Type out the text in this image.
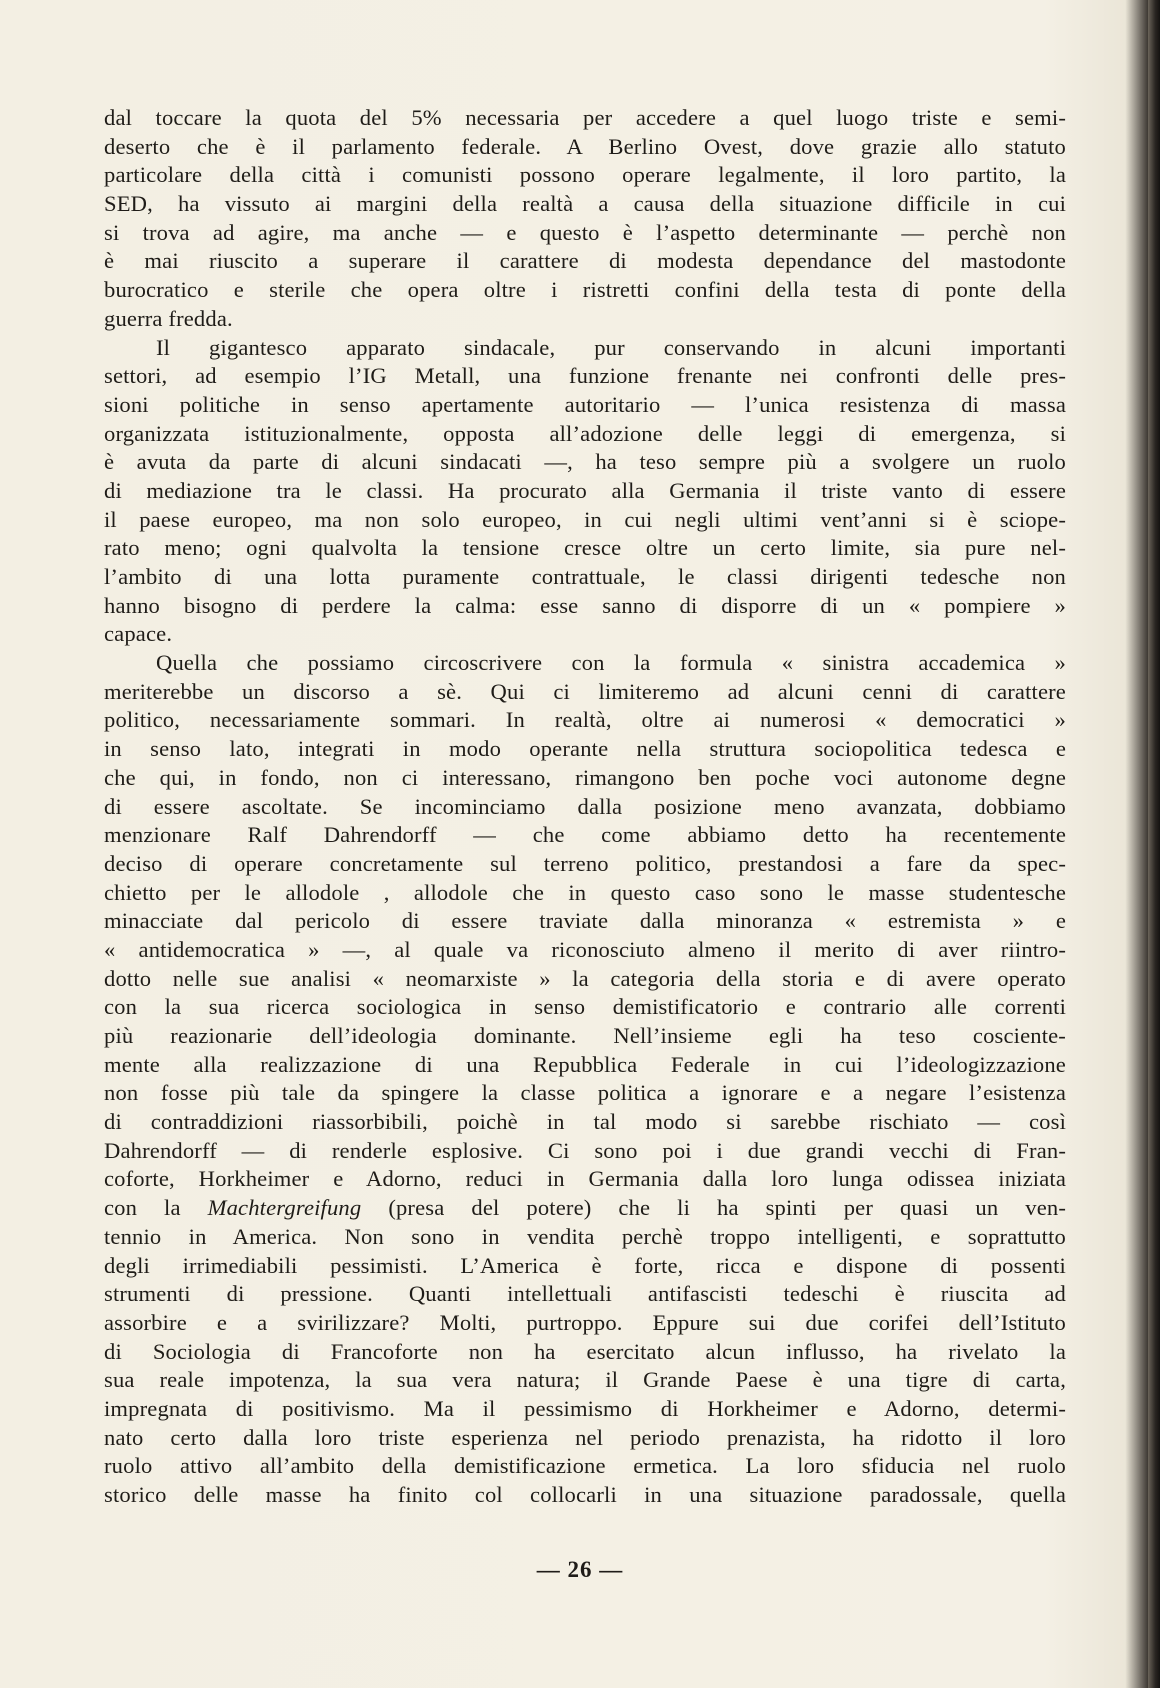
dal toccare la quota del 5% necessaria per accedere a quel luogo triste e semi-
deserto che è il parlamento federale. A Berlino Ovest, dove grazie allo statuto
particolare della città i comunisti possono operare legalmente, il loro partito, la
SED, ha vissuto ai margini della realtà a causa della situazione difficile in cui
si trova ad agire, ma anche — e questo è l’aspetto determinante — perchè non
è mai riuscito a superare il carattere di modesta dependance del mastodonte
burocratico e sterile che opera oltre i ristretti confini della testa di ponte della
guerra fredda.
Il gigantesco apparato sindacale, pur conservando in alcuni importanti
settori, ad esempio l’IG Metall, una funzione frenante nei confronti delle pres-
sioni politiche in senso apertamente autoritario — l’unica resistenza di massa
organizzata istituzionalmente, opposta all’adozione delle leggi di emergenza, si
è avuta da parte di alcuni sindacati —, ha teso sempre più a svolgere un ruolo
di mediazione tra le classi. Ha procurato alla Germania il triste vanto di essere
il paese europeo, ma non solo europeo, in cui negli ultimi vent’anni si è sciope-
rato meno; ogni qualvolta la tensione cresce oltre un certo limite, sia pure nel-
l’ambito di una lotta puramente contrattuale, le classi dirigenti tedesche non
hanno bisogno di perdere la calma: esse sanno di disporre di un « pompiere »
capace.
Quella che possiamo circoscrivere con la formula « sinistra accademica »
meriterebbe un discorso a sè. Qui ci limiteremo ad alcuni cenni di carattere
politico, necessariamente sommari. In realtà, oltre ai numerosi « democratici »
in senso lato, integrati in modo operante nella struttura sociopolitica tedesca e
che qui, in fondo, non ci interessano, rimangono ben poche voci autonome degne
di essere ascoltate. Se incominciamo dalla posizione meno avanzata, dobbiamo
menzionare Ralf Dahrendorff — che come abbiamo detto ha recentemente
deciso di operare concretamente sul terreno politico, prestandosi a fare da spec-
chietto per le allodole , allodole che in questo caso sono le masse studentesche
minacciate dal pericolo di essere traviate dalla minoranza « estremista » e
« antidemocratica » —, al quale va riconosciuto almeno il merito di aver riintro-
dotto nelle sue analisi « neomarxiste » la categoria della storia e di avere operato
con la sua ricerca sociologica in senso demistificatorio e contrario alle correnti
più reazionarie dell’ideologia dominante. Nell’insieme egli ha teso cosciente-
mente alla realizzazione di una Repubblica Federale in cui l’ideologizzazione
non fosse più tale da spingere la classe politica a ignorare e a negare l’esistenza
di contraddizioni riassorbibili, poichè in tal modo si sarebbe rischiato — così
Dahrendorff — di renderle esplosive. Ci sono poi i due grandi vecchi di Fran-
coforte, Horkheimer e Adorno, reduci in Germania dalla loro lunga odissea iniziata
con la Machtergreifung (presa del potere) che li ha spinti per quasi un ven-
tennio in America. Non sono in vendita perchè troppo intelligenti, e soprattutto
degli irrimediabili pessimisti. L’America è forte, ricca e dispone di possenti
strumenti di pressione. Quanti intellettuali antifascisti tedeschi è riuscita ad
assorbire e a svirilizzare? Molti, purtroppo. Eppure sui due corifei dell’Istituto
di Sociologia di Francoforte non ha esercitato alcun influsso, ha rivelato la
sua reale impotenza, la sua vera natura; il Grande Paese è una tigre di carta,
impregnata di positivismo. Ma il pessimismo di Horkheimer e Adorno, determi-
nato certo dalla loro triste esperienza nel periodo prenazista, ha ridotto il loro
ruolo attivo all’ambito della demistificazione ermetica. La loro sfiducia nel ruolo
storico delle masse ha finito col collocarli in una situazione paradossale, quella
— 26 —
